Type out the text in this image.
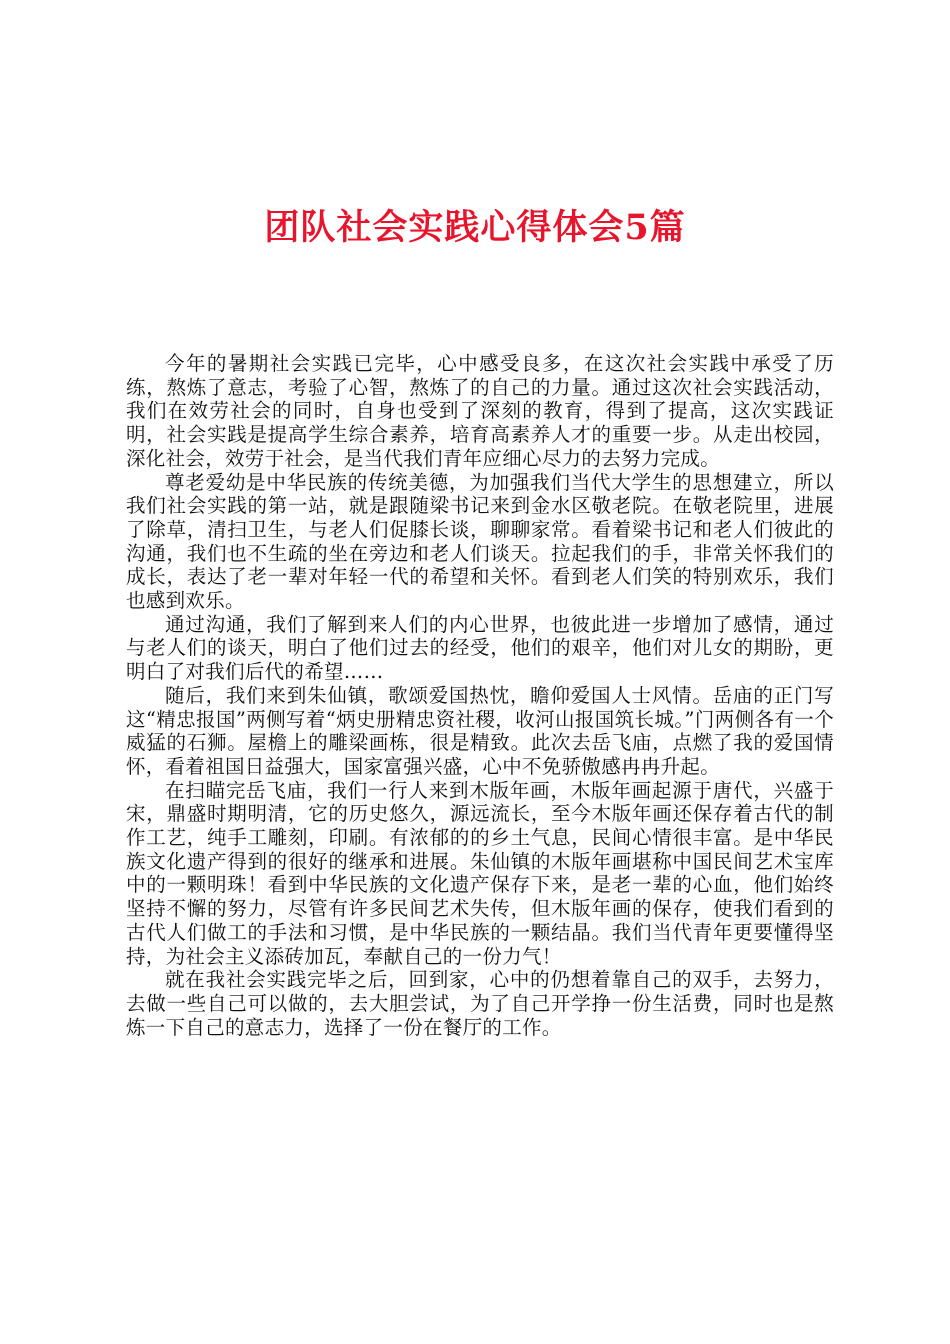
团队社会实践心得体会5篇

今年的暑期社会实践已完毕，心中感受良多，在这次社会实践中承受了历练，熬炼了意志，考验了心智，熬炼了的自己的力量。通过这次社会实践活动，我们在效劳社会的同时，自身也受到了深刻的教育，得到了提高，这次实践证明，社会实践是提高学生综合素养，培育高素养人才的重要一步。从走出校园，深化社会，效劳于社会，是当代我们青年应细心尽力的去努力完成。

尊老爱幼是中华民族的传统美德，为加强我们当代大学生的思想建立，所以我们社会实践的第一站，就是跟随梁书记来到金水区敬老院。在敬老院里，进展了除草，清扫卫生，与老人们促膝长谈，聊聊家常。看着梁书记和老人们彼此的沟通，我们也不生疏的坐在旁边和老人们谈天。拉起我们的手，非常关怀我们的成长，表达了老一辈对年轻一代的希望和关怀。看到老人们笑的特别欢乐，我们也感到欢乐。

通过沟通，我们了解到来人们的内心世界，也彼此进一步增加了感情，通过与老人们的谈天，明白了他们过去的经受，他们的艰辛，他们对儿女的期盼，更明白了对我们后代的希望……

随后，我们来到朱仙镇，歌颂爱国热忱，瞻仰爱国人士风情。岳庙的正门写这“精忠报国”两侧写着“炳史册精忠资社稷，收河山报国筑长城。”门两侧各有一个威猛的石狮。屋檐上的雕梁画栋，很是精致。此次去岳飞庙，点燃了我的爱国情怀，看着祖国日益强大，国家富强兴盛，心中不免骄傲感冉冉升起。

在扫瞄完岳飞庙，我们一行人来到木版年画，木版年画起源于唐代，兴盛于宋，鼎盛时期明清，它的历史悠久，源远流长，至今木版年画还保存着古代的制作工艺，纯手工雕刻，印刷。有浓郁的的乡土气息，民间心情很丰富。是中华民族文化遗产得到的很好的继承和进展。朱仙镇的木版年画堪称中国民间艺术宝库中的一颗明珠！看到中华民族的文化遗产保存下来，是老一辈的心血，他们始终坚持不懈的努力，尽管有许多民间艺术失传，但木版年画的保存，使我们看到的古代人们做工的手法和习惯，是中华民族的一颗结晶。我们当代青年更要懂得坚持，为社会主义添砖加瓦，奉献自己的一份力气！

就在我社会实践完毕之后，回到家，心中的仍想着靠自己的双手，去努力，去做一些自己可以做的，去大胆尝试，为了自己开学挣一份生活费，同时也是熬炼一下自己的意志力，选择了一份在餐厅的工作。
